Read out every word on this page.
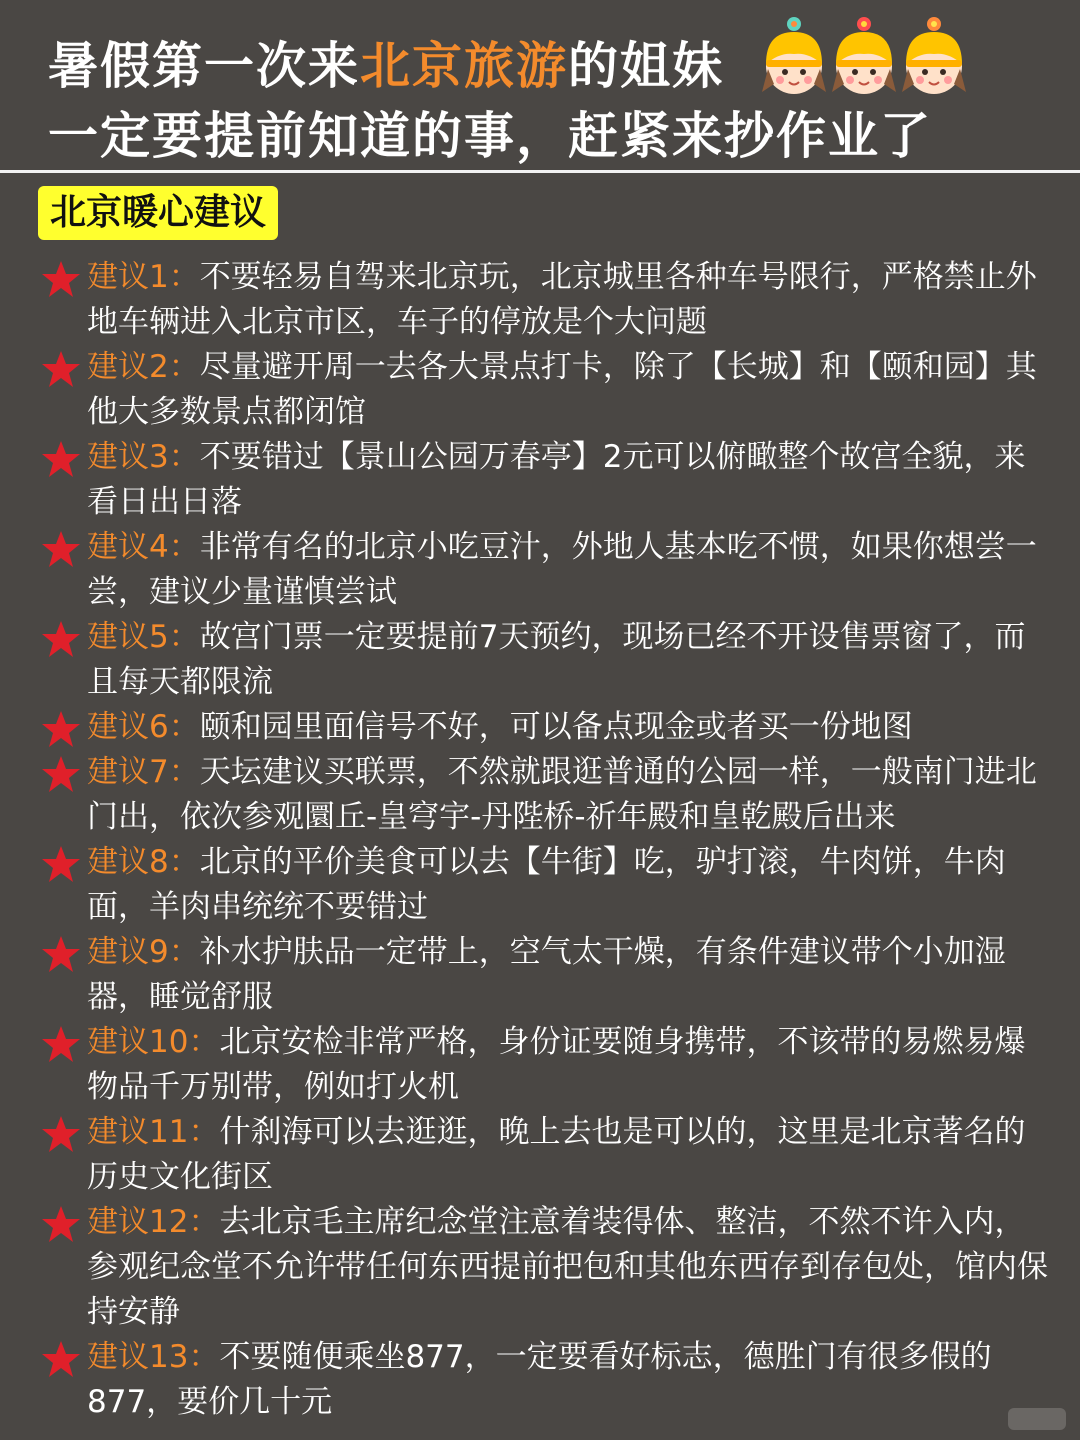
暑假第一次来北京旅游的姐妹
一定要提前知道的事，赶紧来抄作业了
北京暖心建议
建议1：不要轻易自驾来北京玩，北京城里各种车号限行，严格禁止外地车辆进入北京市区，车子的停放是个大问题
建议2：尽量避开周一去各大景点打卡，除了【长城】和【颐和园】其他大多数景点都闭馆
建议3：不要错过【景山公园万春亭】2元可以俯瞰整个故宫全貌，来看日出日落
建议4：非常有名的北京小吃豆汁，外地人基本吃不惯，如果你想尝一尝，建议少量谨慎尝试
建议5：故宫门票一定要提前7天预约，现场已经不开设售票窗了，而且每天都限流
建议6：颐和园里面信号不好，可以备点现金或者买一份地图
建议7：天坛建议买联票，不然就跟逛普通的公园一样，一般南门进北门出，依次参观圜丘-皇穹宇-丹陛桥-祈年殿和皇乾殿后出来
建议8：北京的平价美食可以去【牛街】吃，驴打滚，牛肉饼，牛肉面，羊肉串统统不要错过
建议9：补水护肤品一定带上，空气太干燥，有条件建议带个小加湿器，睡觉舒服
建议10：北京安检非常严格，身份证要随身携带，不该带的易燃易爆物品千万别带，例如打火机
建议11：什刹海可以去逛逛，晚上去也是可以的，这里是北京著名的历史文化街区
建议12：去北京毛主席纪念堂注意着装得体、整洁，不然不许入内，参观纪念堂不允许带任何东西提前把包和其他东西存到存包处，馆内保持安静
建议13：不要随便乘坐877，一定要看好标志，德胜门有很多假的877，要价几十元
